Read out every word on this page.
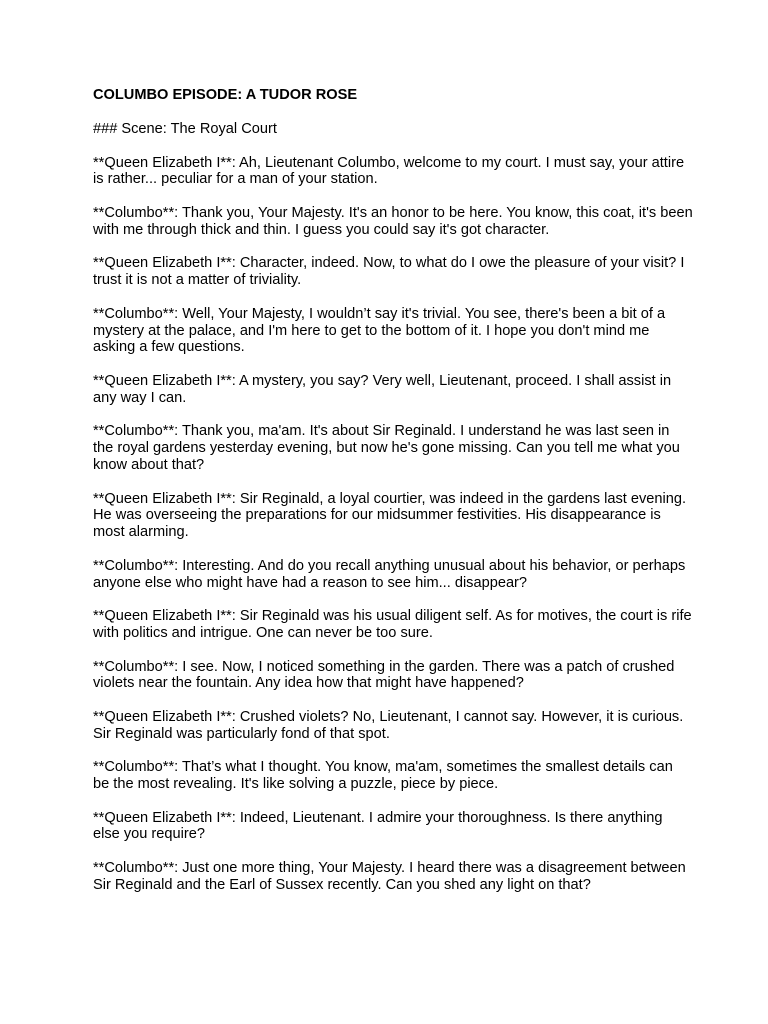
COLUMBO EPISODE: A TUDOR ROSE
### Scene: The Royal Court
**Queen Elizabeth I**: Ah, Lieutenant Columbo, welcome to my court. I must say, your attire is rather... peculiar for a man of your station.
**Columbo**: Thank you, Your Majesty. It's an honor to be here. You know, this coat, it's been with me through thick and thin. I guess you could say it's got character.
**Queen Elizabeth I**: Character, indeed. Now, to what do I owe the pleasure of your visit? I trust it is not a matter of triviality.
**Columbo**: Well, Your Majesty, I wouldn’t say it's trivial. You see, there's been a bit of a mystery at the palace, and I'm here to get to the bottom of it. I hope you don't mind me asking a few questions.
**Queen Elizabeth I**: A mystery, you say? Very well, Lieutenant, proceed. I shall assist in any way I can.
**Columbo**: Thank you, ma'am. It's about Sir Reginald. I understand he was last seen in the royal gardens yesterday evening, but now he's gone missing. Can you tell me what you know about that?
**Queen Elizabeth I**: Sir Reginald, a loyal courtier, was indeed in the gardens last evening. He was overseeing the preparations for our midsummer festivities. His disappearance is most alarming.
**Columbo**: Interesting. And do you recall anything unusual about his behavior, or perhaps anyone else who might have had a reason to see him... disappear?
**Queen Elizabeth I**: Sir Reginald was his usual diligent self. As for motives, the court is rife with politics and intrigue. One can never be too sure.
**Columbo**: I see. Now, I noticed something in the garden. There was a patch of crushed violets near the fountain. Any idea how that might have happened?
**Queen Elizabeth I**: Crushed violets? No, Lieutenant, I cannot say. However, it is curious. Sir Reginald was particularly fond of that spot.
**Columbo**: That’s what I thought. You know, ma'am, sometimes the smallest details can be the most revealing. It's like solving a puzzle, piece by piece.
**Queen Elizabeth I**: Indeed, Lieutenant. I admire your thoroughness. Is there anything else you require?
**Columbo**: Just one more thing, Your Majesty. I heard there was a disagreement between Sir Reginald and the Earl of Sussex recently. Can you shed any light on that?
